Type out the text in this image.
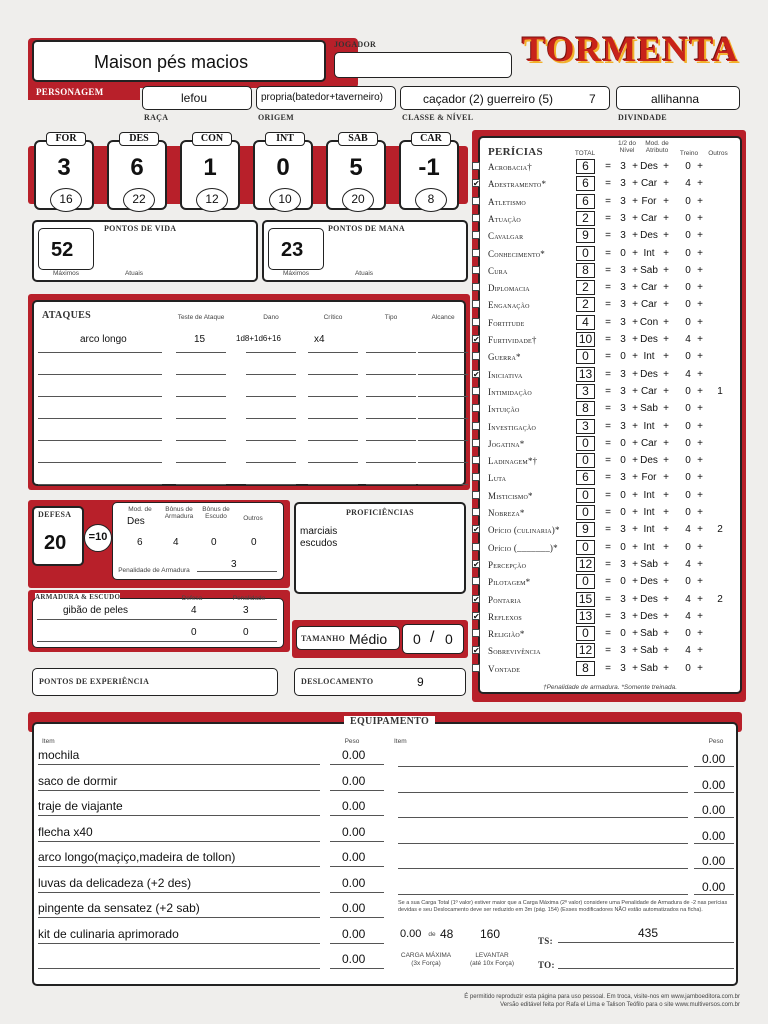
Maison pés macios
JOGADOR	TORMENTA
PERSONAGEM	lefou
RAÇA
propria(batedor+taverneiro)
ORIGEM
caçador (2) guerreiro (5)	7
CLASSE & NÍVEL
allihanna
DIVINDADE
FOR
3
16
DES
6
22
CON
1
12
INT
0
10
SAB
5
20
CAR
-1
8
PONTOS DE VIDA
52
Máximos	Atuais
PONTOS DE MANA
23
Máximos	Atuais
ATAQUES	Teste de Ataque	Dano	Crítico	Tipo	Alcance
arco longo	15	1d8+1d6+16	x4
DEFESA
20	=10
Mod. de
Des
Bônus de Armadura
Bônus de Escudo	Outros
6	4	0	0
Penalidade de Armadura
3
ARMADURA & ESCUDO	Defesa	Penalidade
gibão de peles	4	3
0	0
PROFICIÊNCIAS
marciais
escudos
TAMANHO Médio 0 / 0
PONTOS DE EXPERIÊNCIA	DESLOCAMENTO	9
PERÍCIAS	TOTAL
1/2 do Nível
Mod. de Atributo	Treino	Outros
†Penalidade de armadura. *Somente treinada.
Acrobacia†	6	= 3 + Des +	0 +
✔ Adestramento*	6	= 3 + Car +	4 +
Atletismo	6	= 3 + For +	0 +
Atuação	2	= 3 + Car +	0 +
Cavalgar	9	= 3 + Des +	0 +
Conhecimento*	0	= 0 + Int +	0 +
Cura	8	= 3 + Sab +	0 +
Diplomacia	2	= 3 + Car +	0 +
Enganação	2	= 3 + Car +	0 +
Fortitude	4	= 3 + Con +	0 +
✔ Furtividade†	10 = 3 + Des +	4 +
Guerra*	0	= 0 + Int +	0 +
✔ Iniciativa	13 = 3 + Des +	4 +
Intimidação	3	= 3 + Car +	0 +	1
Intuição	8	= 3 + Sab +	0 +
Investigação	3	= 3 + Int +	0 +
Jogatina*	0	= 0 + Car +	0 +
Ladinagem*†	0	= 0 + Des +	0 +
Luta	6	= 3 + For +	0 +
Misticismo*	0	= 0 + Int +	0 +
Nobreza*	0	= 0 + Int +	0 +
✔ Ofício (culinaria)*	9	= 3 + Int +	4 +	2
Ofício (_______)*	0	= 0 + Int +	0 +
✔ Percepção	12 = 3 + Sab +	4 +
Pilotagem*	0	= 0 + Des +	0 +
✔ Pontaria	15 = 3 + Des +	4 +	2
✔ Reflexos	13 = 3 + Des +	4 +
Religião*	0	= 0 + Sab +	0 +
✔ Sobrevivência	12 = 3 + Sab +	4 +
Vontade	8	= 3 + Sab +	0 +
EQUIPAMENTO
Item	Peso	Item	Peso
mochila	0.00
saco de dormir	0.00
traje de viajante	0.00
flecha x40	0.00
arco longo(maçiço,madeira de tollon)	0.00
luvas da delicadeza (+2 des)	0.00
pingente da sensatez (+2 sab)	0.00
kit de culinaria aprimorado	0.00
0.00
0.00
0.00
0.00
0.00
0.00
0.00
Se a sua Carga Total (1º valor) estiver maior que a Carga Máxima (2º valor) considere uma Penalidade de Armadura de -2 nas perícias devidas e seu Deslocamento deve ser reduzido em 3m (pág. 154) (Esses modificadores NÃO estão automatizados na ficha).
0.00	de 48 160
CARGA MÁXIMA
(3x Força)
LEVANTAR
(até 10x Força)
TS:
435
TO:
É permitido reproduzir esta página para uso pessoal. Em troca, visite-nos em www.jamboeditora.com.br
Versão editável feita por Rafa el Lima e Talison Teófilo para o site www.multiversos.com.br
